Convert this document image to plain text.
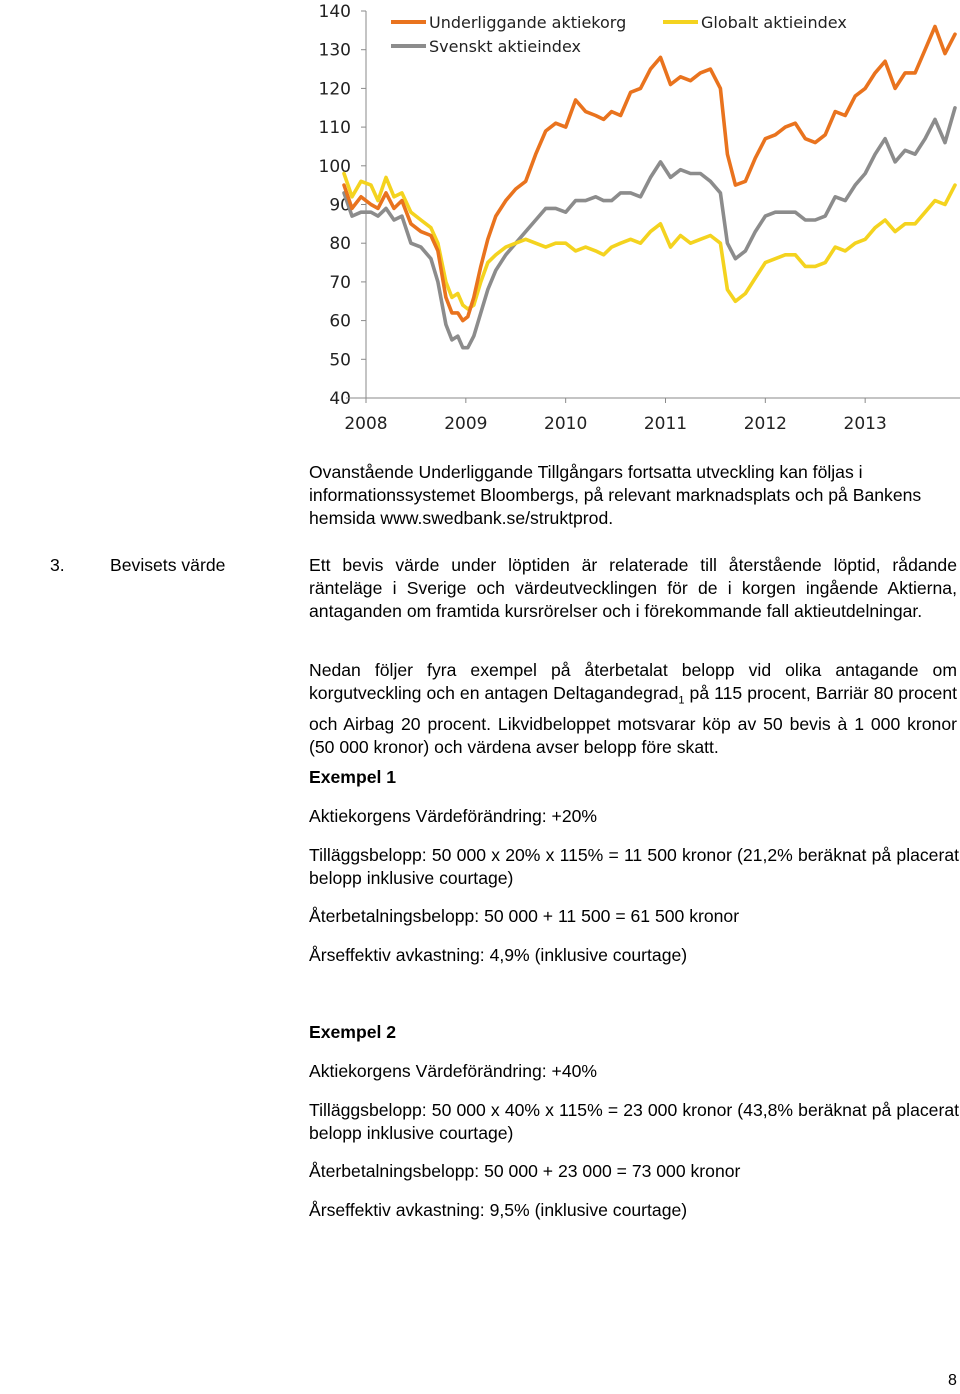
40
50
60
70
80
90
100
110
120
130
140
2008	2009	2010	2011	2012	2013
Underliggande aktiekorg	Globalt aktieindex
Svenskt aktieindex

Ovanstående Underliggande Tillgångars fortsatta utveckling kan följas i informationssystemet Bloombergs, på relevant marknadsplats och på Bankens hemsida www.swedbank.se/struktprod.

3.	Bevisets värde	Ett bevis värde under löptiden är relaterade till återstående löptid, rådande ränteläge i Sverige och värdeutvecklingen för de i korgen ingående Aktierna, antaganden om framtida kursrörelser och i förekommande fall aktieutdelningar.

Nedan följer fyra exempel på återbetalat belopp vid olika antagande om korgutveckling och en antagen Deltagandegrad$_1$ på 115 procent, Barriär 80 procent och Airbag 20 procent. Likvidbeloppet motsvarar köp av 50 bevis à 1 000 kronor (50 000 kronor) och värdena avser belopp före skatt.

Exempel 1

Aktiekorgens Värdeförändring: +20%

Tilläggsbelopp: 50 000 x 20% x 115% = 11 500 kronor (21,2% beräknat på placerat belopp inklusive courtage)

Återbetalningsbelopp: 50 000 + 11 500 = 61 500 kronor

Årseffektiv avkastning: 4,9% (inklusive courtage)

Exempel 2

Aktiekorgens Värdeförändring: +40%

Tilläggsbelopp: 50 000 x 40% x 115% = 23 000 kronor (43,8% beräknat på placerat belopp inklusive courtage)

Återbetalningsbelopp: 50 000 + 23 000 = 73 000 kronor

Årseffektiv avkastning: 9,5% (inklusive courtage)

8
